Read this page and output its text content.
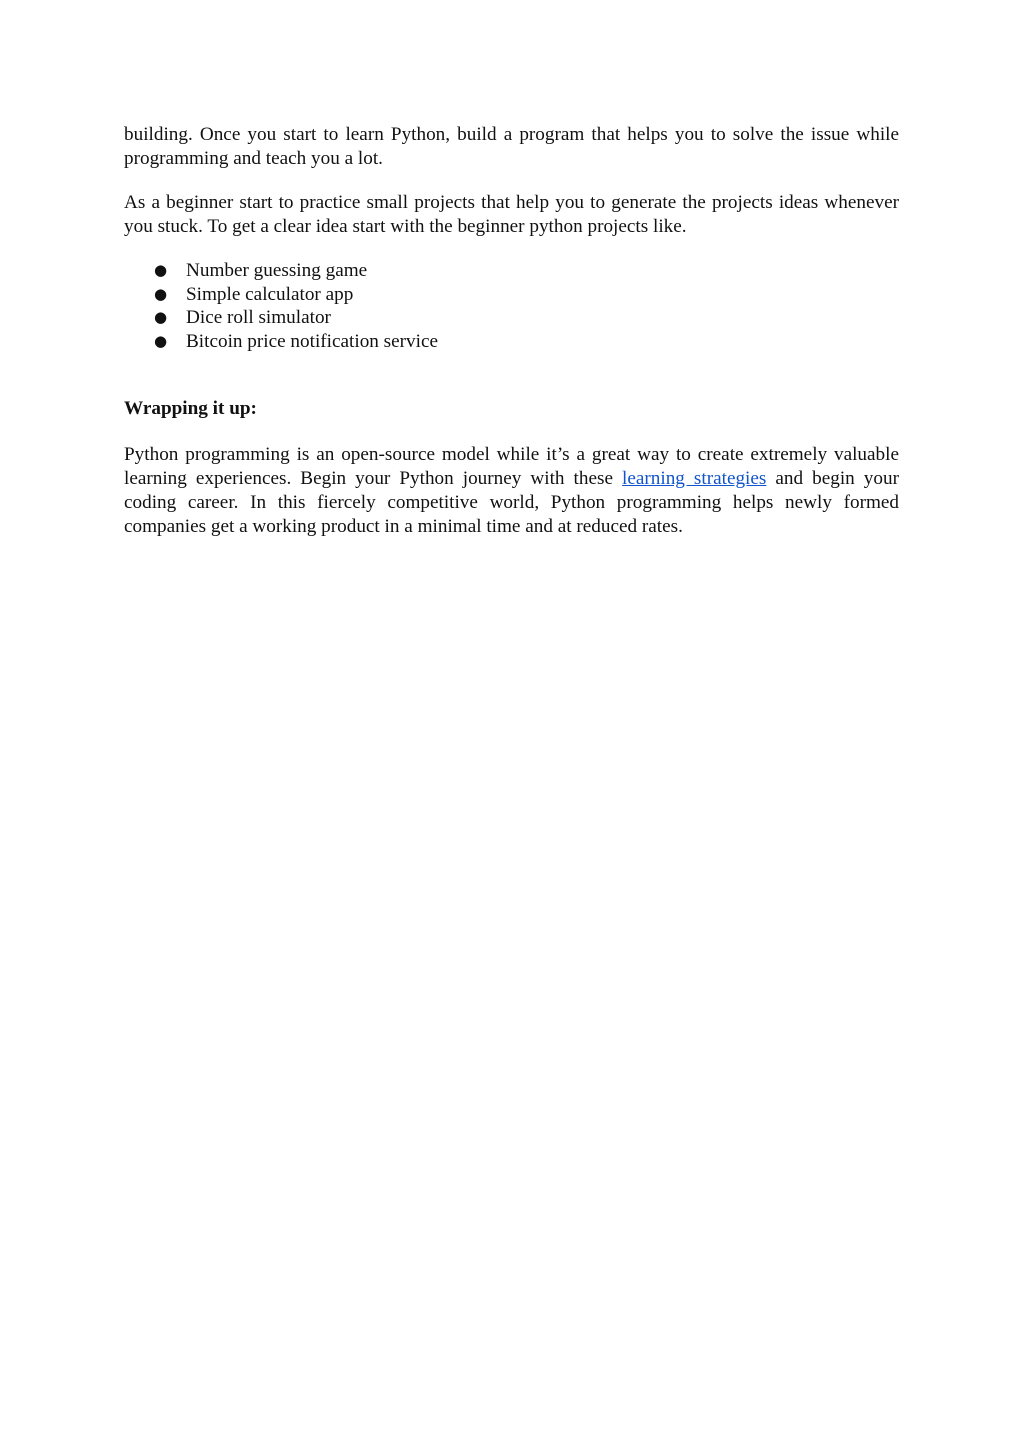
building. Once you start to learn Python, build a program that helps you to solve the issue while programming and teach you a lot.

As a beginner start to practice small projects that help you to generate the projects ideas whenever you stuck. To get a clear idea start with the beginner python projects like.

● Number guessing game
● Simple calculator app
● Dice roll simulator
● Bitcoin price notification service
Wrapping it up:

Python programming is an open-source model while it’s a great way to create extremely valuable learning experiences. Begin your Python journey with these learning strategies and begin your coding career. In this fiercely competitive world, Python programming helps newly formed companies get a working product in a minimal time and at reduced rates.
